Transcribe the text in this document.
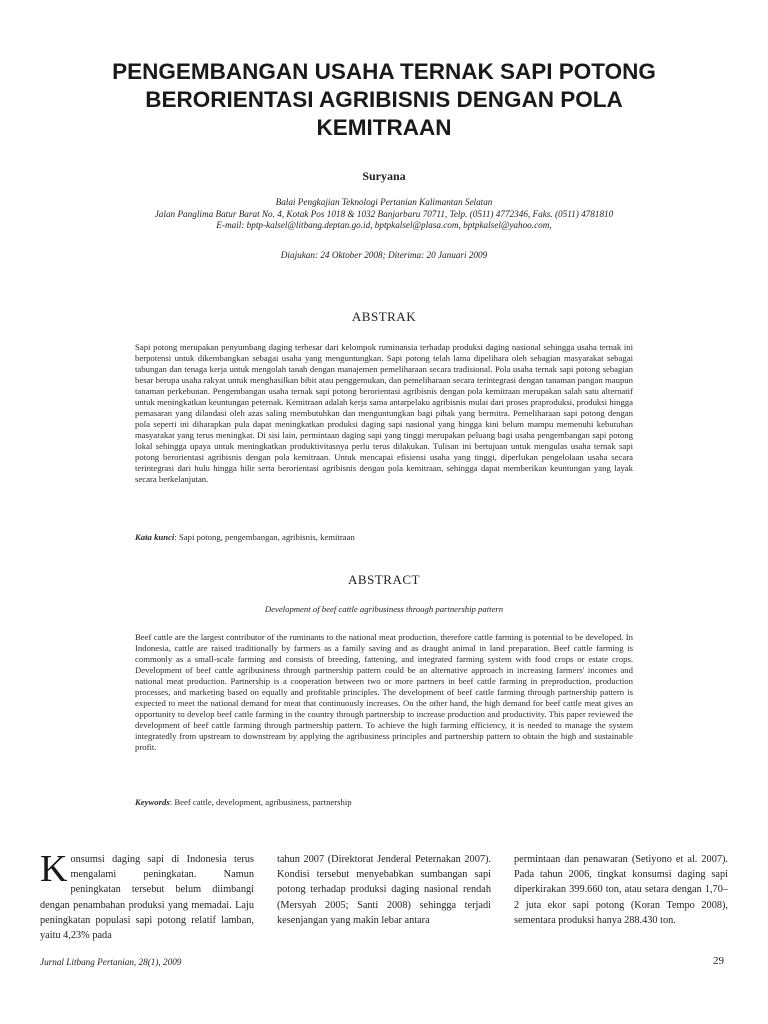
PENGEMBANGAN USAHA TERNAK SAPI POTONG
BERORIENTASI AGRIBISNIS DENGAN POLA
KEMITRAAN
Suryana
Balai Pengkajian Teknologi Pertanian Kalimantan Selatan
Jalan Panglima Batur Barat No. 4, Kotak Pos 1018 & 1032 Banjarbaru 70711, Telp. (0511) 4772346, Faks. (0511) 4781810
E-mail: bptp-kalsel@litbang.deptan.go.id, bptpkalsel@plasa.com, bptpkalsel@yahoo.com,
Diajukan: 24 Oktober 2008; Diterima: 20 Januari 2009
ABSTRAK

Sapi potong merupakan penyumbang daging terbesar dari kelompok ruminansia terhadap produksi daging nasional sehingga usaha ternak ini berpotensi untuk dikembangkan sebagai usaha yang menguntungkan. Sapi potong telah lama dipelihara oleh sebagian masyarakat sebagai tabungan dan tenaga kerja untuk mengolah tanah dengan manajemen pemeliharaan secara tradisional. Pola usaha ternak sapi potong sebagian besar berupa usaha rakyat untuk menghasilkan bibit atau penggemukan, dan pemeliharaan secara terintegrasi dengan tanaman pangan maupun tanaman perkebunan. Pengembangan usaha ternak sapi potong berorientasi agribisnis dengan pola kemitraan merupakan salah satu alternatif untuk meningkatkan keuntungan peternak. Kemitraan adalah kerja sama antarpelaku agribisnis mulai dari proses praproduksi, produksi hingga pemasaran yang dilandasi oleh azas saling membutuhkan dan menguntungkan bagi pihak yang bermitra. Pemeliharaan sapi potong dengan pola seperti ini diharapkan pula dapat meningkatkan produksi daging sapi nasional yang hingga kini belum mampu memenuhi kebutuhan masyarakat yang terus meningkat. Di sisi lain, permintaan daging sapi yang tinggi merupakan peluang bagi usaha pengembangan sapi potong lokal sehingga upaya untuk meningkatkan produktivitasnya perlu terus dilakukan. Tulisan ini bertujuan untuk mengulas usaha ternak sapi potong berorientasi agribisnis dengan pola kemitraan. Untuk mencapai efisiensi usaha yang tinggi, diperlukan pengelolaan usaha secara terintegrasi dari hulu hingga hilir serta berorientasi agribisnis dengan pola kemitraan, sehingga dapat memberikan keuntungan yang layak secara berkelanjutan.

Kata kunci: Sapi potong, pengembangan, agribisnis, kemitraan
ABSTRACT
Development of beef cattle agribusiness through partnership pattern

Beef cattle are the largest contributor of the ruminants to the national meat production, therefore cattle farming is potential to be developed. In Indonesia, cattle are raised traditionally by farmers as a family saving and as draught animal in land preparation. Beef cattle farming is commonly as a small-scale farming and consists of breeding, fattening, and integrated farming system with food crops or estate crops. Development of beef cattle agribusiness through partnership pattern could be an alternative approach in increasing farmers' incomes and national meat production. Partnership is a cooperation between two or more partners in beef cattle farming in preproduction, production processes, and marketing based on equally and profitable principles. The development of beef cattle farming through partnership pattern is expected to meet the national demand for meat that continuously increases. On the other hand, the high demand for beef cattle meat gives an opportunity to develop beef cattle farming in the country through partnership to increase production and productivity. This paper reviewed the development of beef cattle farming through partnership pattern. To achieve the high farming efficiency, it is needed to manage the system integratedly from upstream to downstream by applying the agribusiness principles and partnership pattern to obtain the high and sustainable profit.

Keywords: Beef cattle, development, agribusiness, partnership
K onsumsi daging sapi di Indonesia terus mengalami peningkatan. Namun peningkatan tersebut belum diimbangi dengan penambahan produksi yang memadai. Laju peningkatan populasi sapi potong relatif lamban, yaitu 4,23% pada

tahun 2007 (Direktorat Jenderal Peternakan 2007). Kondisi tersebut menyebabkan sumbangan sapi potong terhadap produksi daging nasional rendah (Mersyah 2005; Santi 2008) sehingga terjadi kesenjangan yang makin lebar antara

permintaan dan penawaran (Setiyono et al. 2007). Pada tahun 2006, tingkat konsumsi daging sapi diperkirakan 399.660 ton, atau setara dengan 1,70–2 juta ekor sapi potong (Koran Tempo 2008), sementara produksi hanya 288.430 ton.

Jurnal Litbang Pertanian, 28(1), 2009	29
